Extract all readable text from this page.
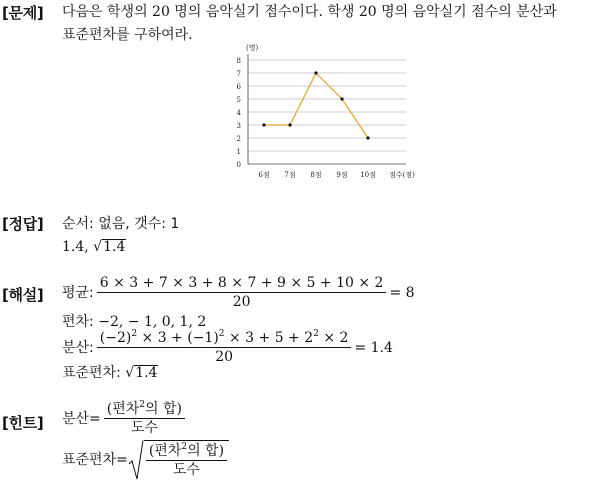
[문제] 다음은 학생의 20 명의 음악실기 점수이다. 학생 20 명의 음악실기 점수의 분산과
표준편차를 구하여라.
0
1
2
3
4
5
6
7
8
(명)
6점 7점 8점 9점 10점 점수(점)
[정답] 순서: 없음, 갯수: 1
1.4, √1.4
[해설] 평균: $\frac{6 \times 3 + 7 \times 3 + 8 \times 7 + 9 \times 5 + 10 \times 2}{20} = 8$
편차: −2, − 1, 0, 1, 2
분산: $\frac{(-2)^2 \times 3 + (-1)^2 \times 3 + 5 + 2^2 \times 2}{20} = 1.4$
표준편차: √1.4
[힌트] 분산= $\frac{(편차^2의 합)}{\text{도수}}$
표준편차= $\frac{(편차^2의 합)}{\text{도수}}$
